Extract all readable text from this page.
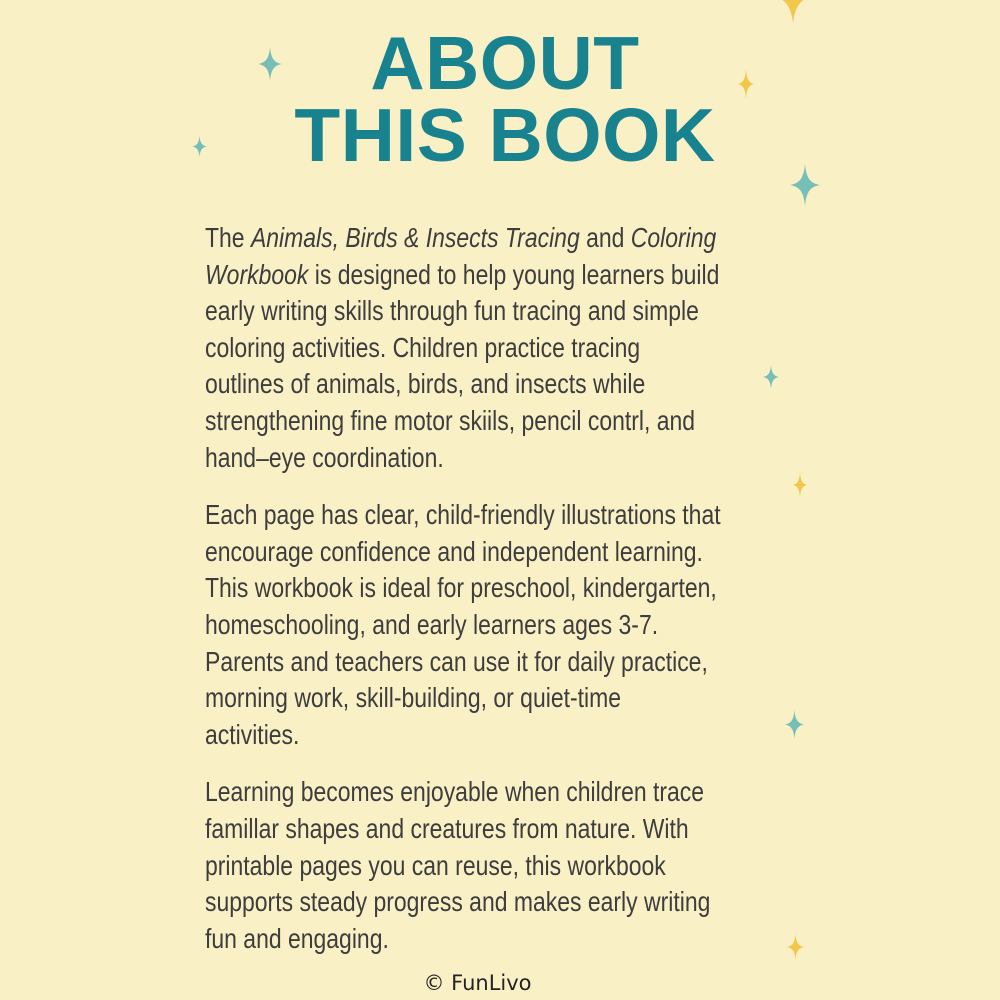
ABOUT
THIS BOOK
The Animals, Birds & Insects Tracing and Coloring
Workbook is designed to help young learners build
early writing skills through fun tracing and simple
coloring activities. Children practice tracing
outlines of animals, birds, and insects while
strengthening fine motor skiils, pencil contrl, and
hand–eye coordination.
Each page has clear, child-friendly illustrations that
encourage confidence and independent learning.
This workbook is ideal for preschool, kindergarten,
homeschooling, and early learners ages 3-7.
Parents and teachers can use it for daily practice,
morning work, skill-building, or quiet-time
activities.
Learning becomes enjoyable when children trace
famillar shapes and creatures from nature. With
printable pages you can reuse, this workbook
supports steady progress and makes early writing
fun and engaging.
© FunLivo
